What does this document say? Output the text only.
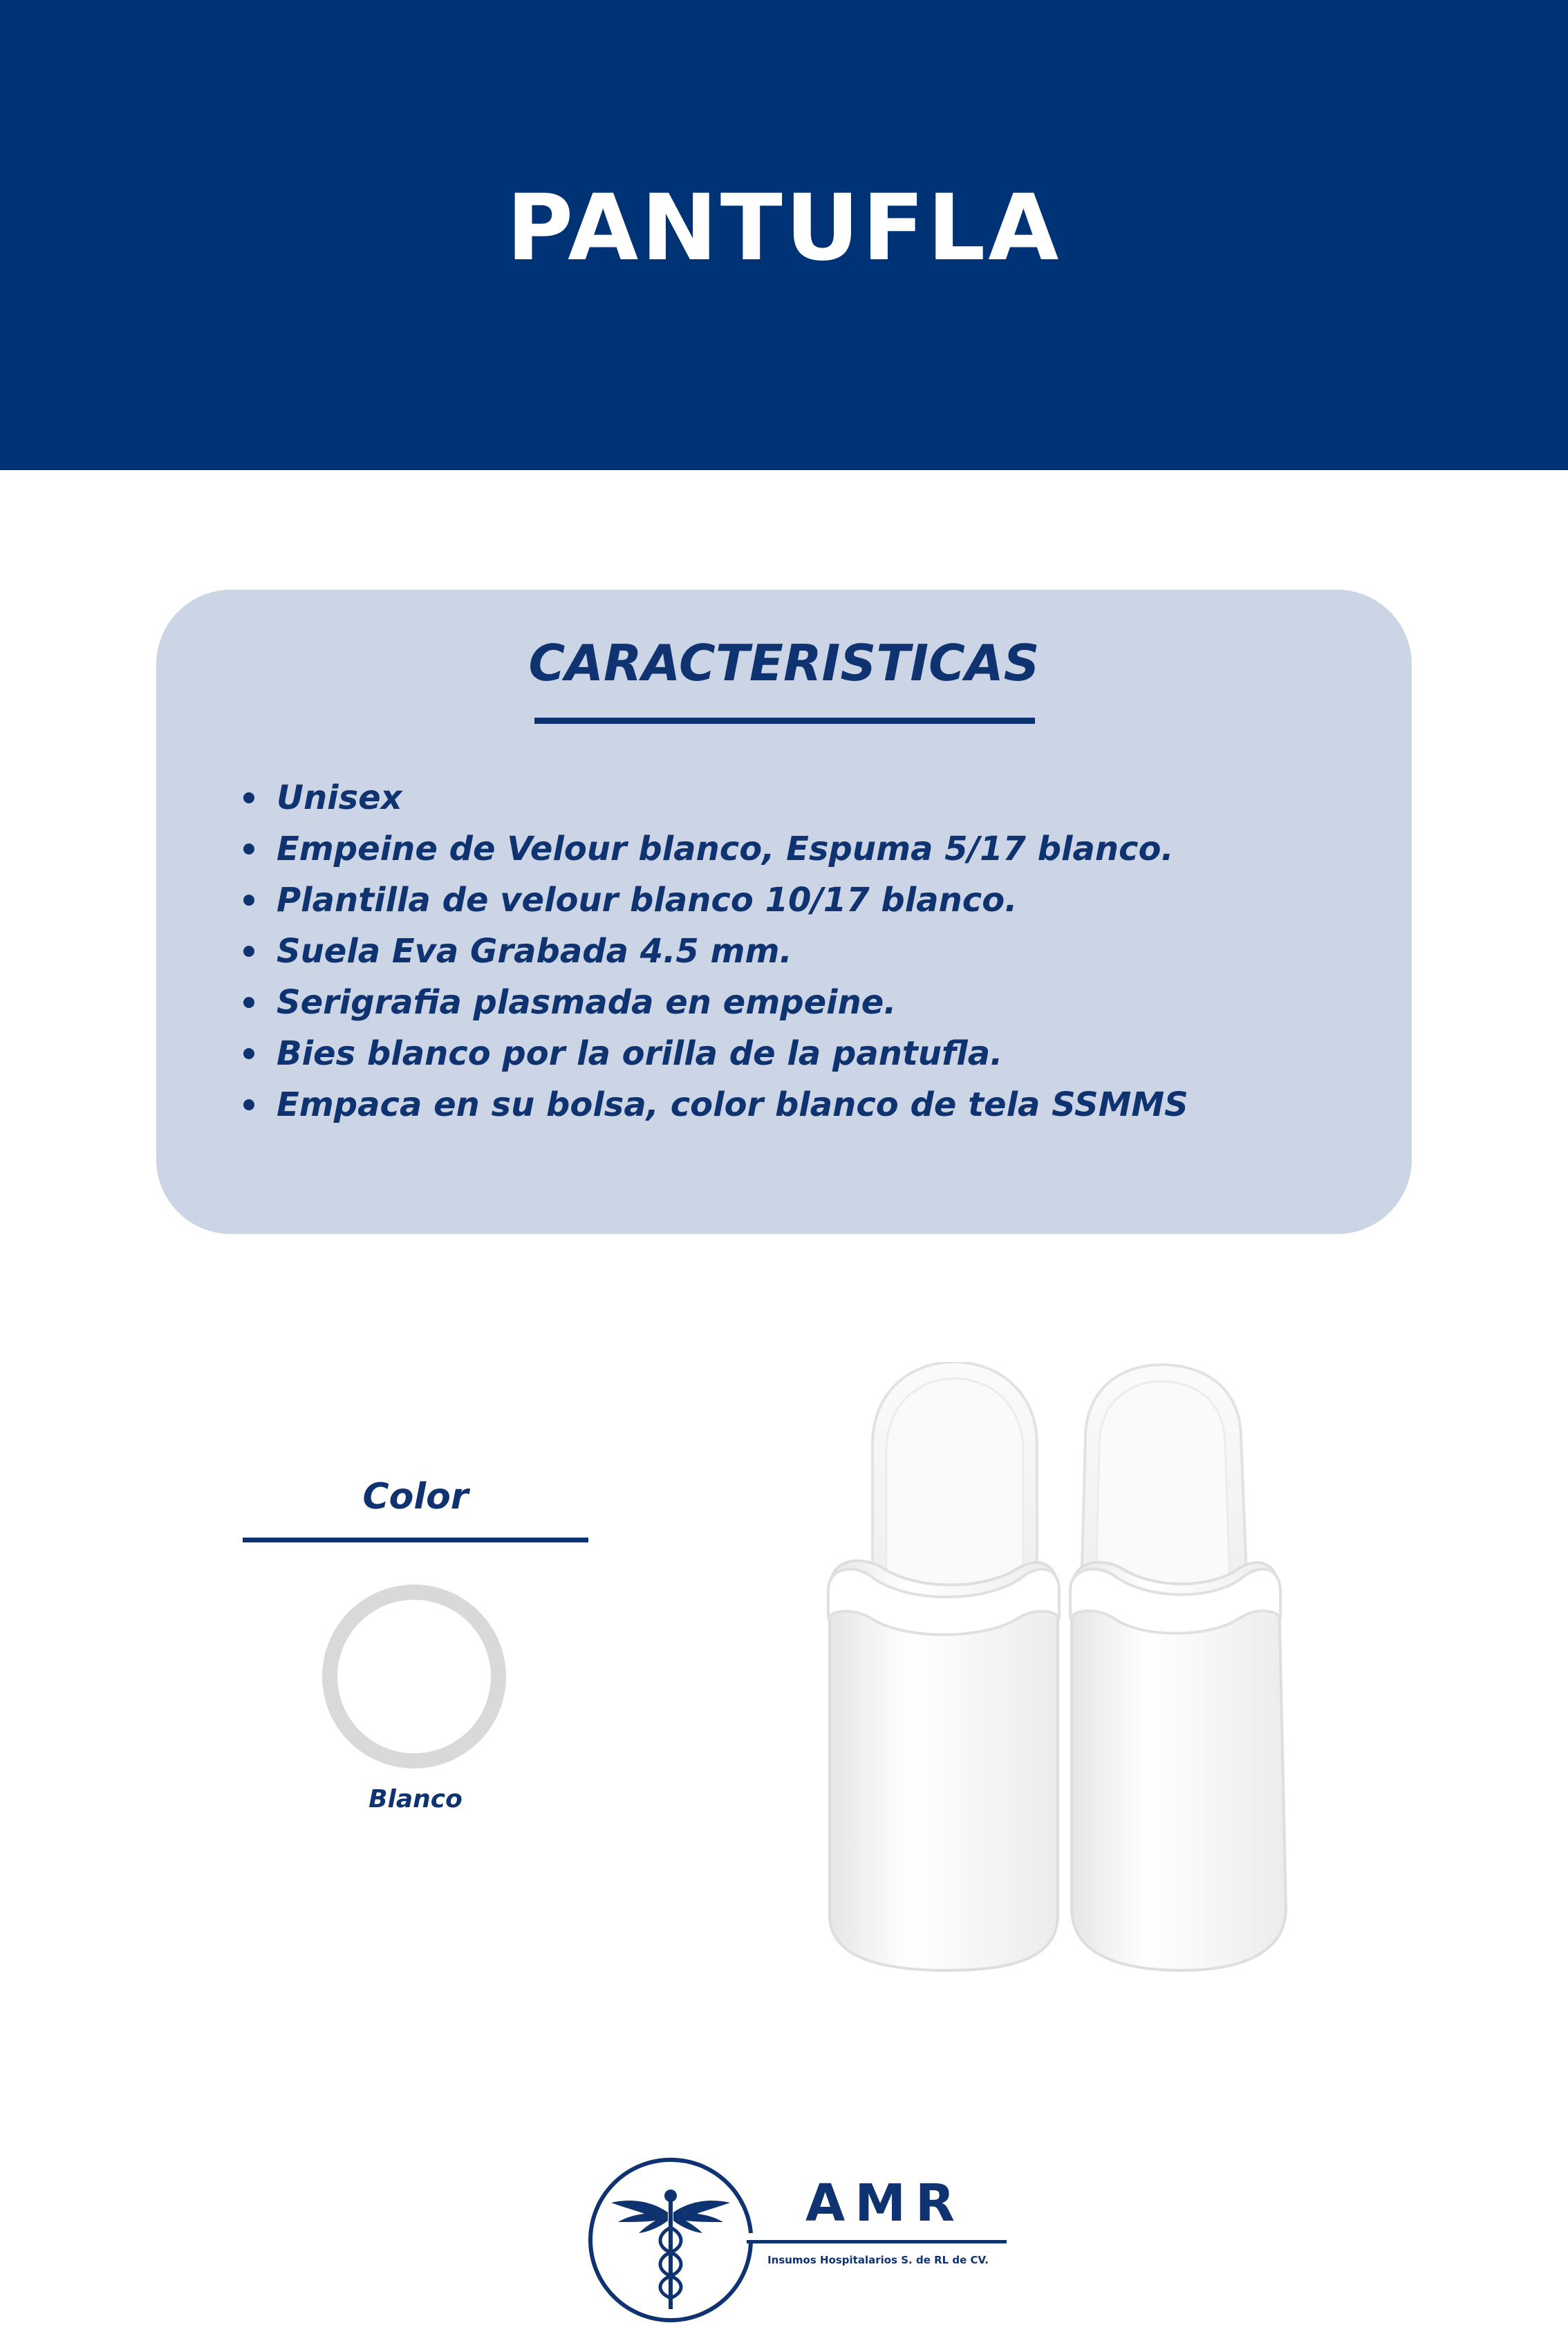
PANTUFLA
CARACTERISTICAS
Unisex
Empeine de Velour blanco, Espuma 5/17 blanco.
Plantilla de velour blanco 10/17 blanco.
Suela Eva Grabada 4.5 mm.
Serigrafia plasmada en empeine.
Bies blanco por la orilla de la pantufla.
Empaca en su bolsa, color blanco de tela SSMMS
Color
Blanco
AMR
Insumos Hospitalarios S. de RL de CV.
